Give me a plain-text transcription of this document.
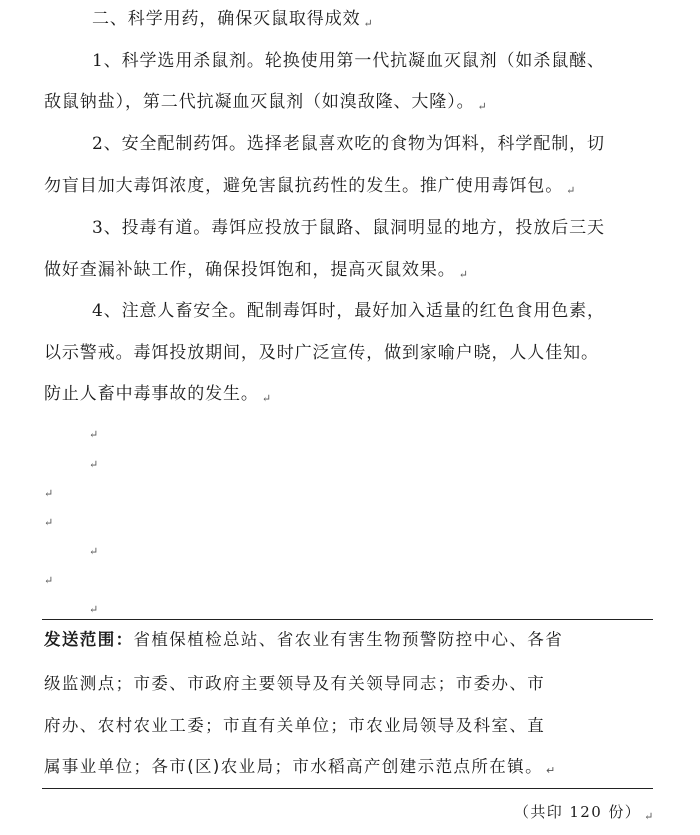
二、科学用药，确保灭鼠取得成效 ↵
1、科学选用杀鼠剂。轮换使用第一代抗凝血灭鼠剂（如杀鼠醚、
敌鼠钠盐），第二代抗凝血灭鼠剂（如溴敌隆、大隆）。 ↵
2、安全配制药饵。选择老鼠喜欢吃的食物为饵料，科学配制，切
勿盲目加大毒饵浓度，避免害鼠抗药性的发生。推广使用毒饵包。 ↵
3、投毒有道。毒饵应投放于鼠路、鼠洞明显的地方，投放后三天
做好查漏补缺工作，确保投饵饱和，提高灭鼠效果。 ↵
4、注意人畜安全。配制毒饵时，最好加入适量的红色食用色素，
以示警戒。毒饵投放期间，及时广泛宣传，做到家喻户晓，人人佳知。
防止人畜中毒事故的发生。 ↵
↵
↵
↵
↵
↵
↵
↵
发送范围：省植保植检总站、省农业有害生物预警防控中心、各省
级监测点；市委、市政府主要领导及有关领导同志；市委办、市
府办、农村农业工委；市直有关单位；市农业局领导及科室、直
属事业单位；各市(区)农业局；市水稻高产创建示范点所在镇。 ↵
（共印 120 份） $_↵$
